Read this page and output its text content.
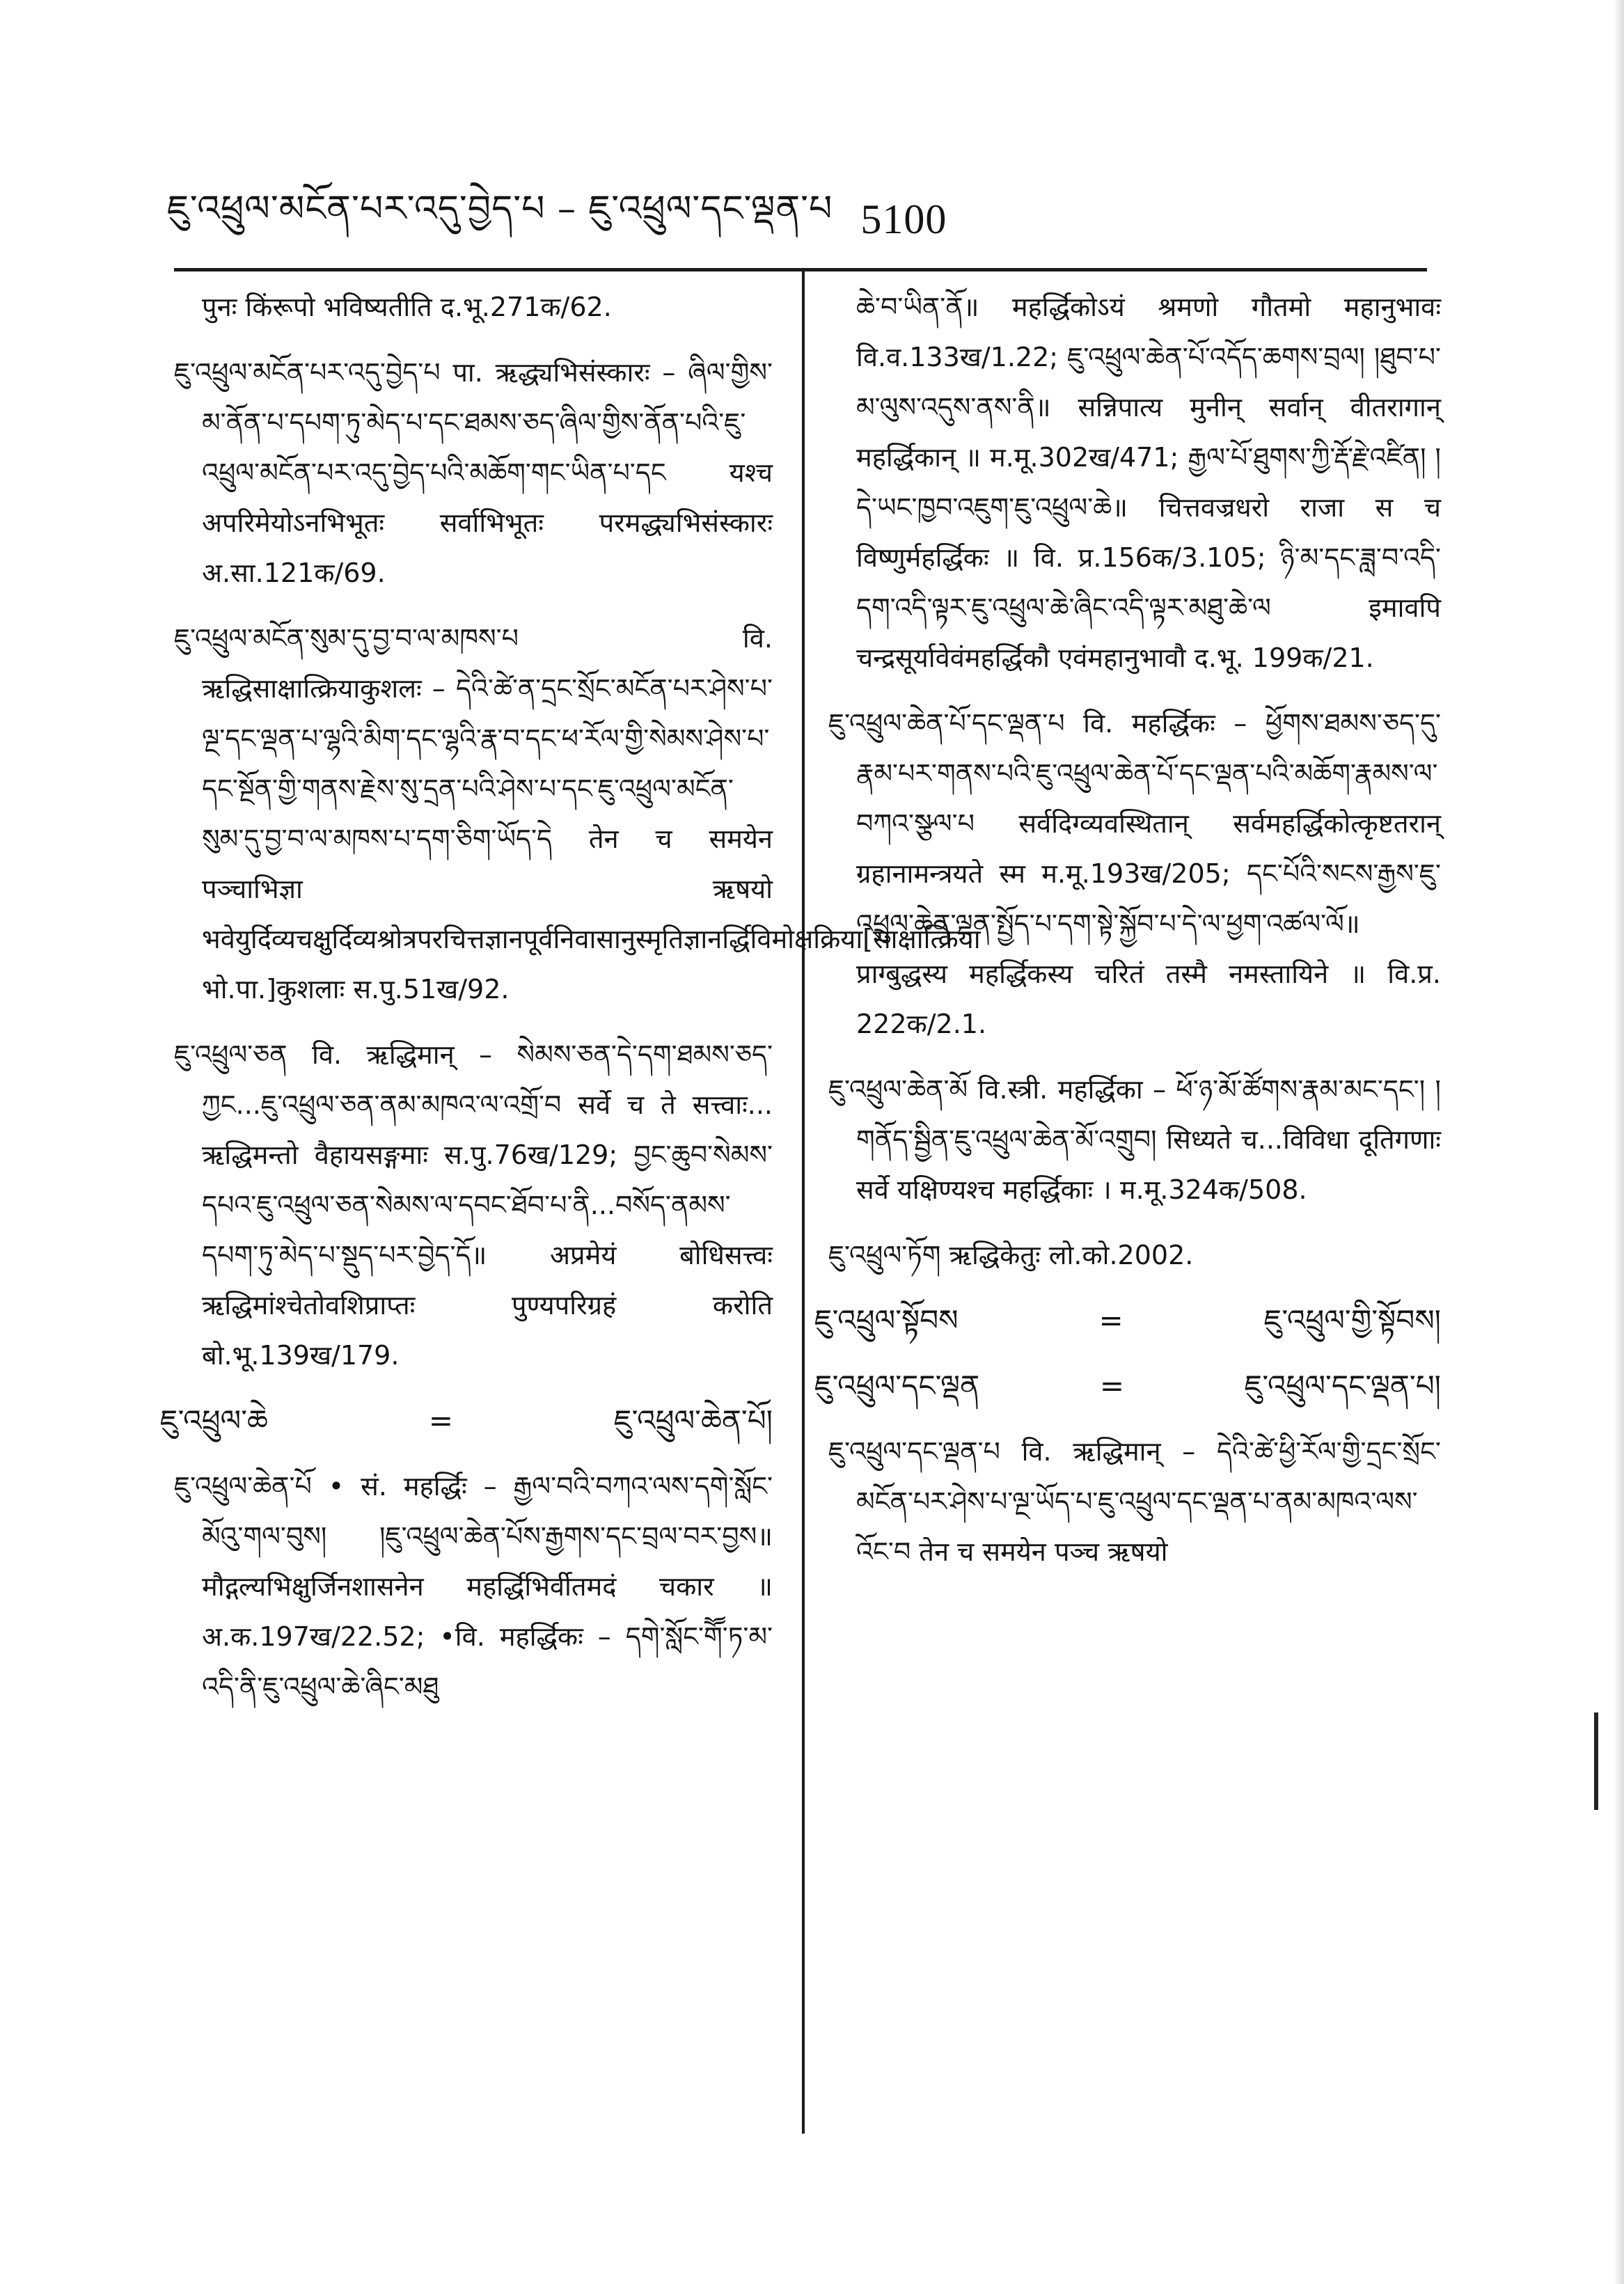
ཇུ་འཕྲུལ་མངོན་པར་འདུ་བྱེད་པ – ཇུ་འཕྲུལ་དང་ལྡན་པ 5100

पुनः किंरूपो भविष्यतीति द.भू.271क/62.

ཇུ་འཕྲུལ་མངོན་པར་འདུ་བྱེད་པ पा. ऋद्ध्यभिसंस्कारः – ཞིལ་གྱིས་མ་ནོན་པ་དཔག་ཏུ་མེད་པ་དང་ཐམས་ཅད་ཞིལ་གྱིས་ནོན་པའི་ཇུ་འཕྲུལ་མངོན་པར་འདུ་བྱེད་པའི་མཆོག་གང་ཡིན་པ་དང यश्च अपरिमेयोऽनभिभूतः सर्वाभिभूतः परमद्ध्यभिसंस्कारः अ.सा.121क/69.

ཇུ་འཕྲུལ་མངོན་སུམ་དུ་བྱ་བ་ལ་མཁས་པ वि. ऋद्धिसाक्षात्क्रियाकुशलः – དེའི་ཚེ་ན་དྲང་སྲོང་མངོན་པར་ཤེས་པ་ལྔ་དང་ལྡན་པ་ལྷའི་མིག་དང་ལྷའི་རྣ་བ་དང་ཕ་རོལ་གྱི་སེམས་ཤེས་པ་དང་སྔོན་གྱི་གནས་རྗེས་སུ་དྲན་པའི་ཤེས་པ་དང་ཇུ་འཕྲུལ་མངོན་སུམ་དུ་བྱ་བ་ལ་མཁས་པ་དག་ཅིག་ཡོད་དེ तेन च समयेन पञ्चाभिज्ञा ऋषयो भवेयुर्दिव्यचक्षुर्दिव्यश्रोत्रपरचित्तज्ञानपूर्वनिवासानुस्मृतिज्ञानर्द्धिविमोक्षक्रिया[साक्षात्क्रिया भो.पा.]कुशलाः स.पु.51ख/92.

ཇུ་འཕྲུལ་ཅན वि. ऋद्धिमान् – སེམས་ཅན་དེ་དག་ཐམས་ཅད་ཀྱང...ཇུ་འཕྲུལ་ཅན་ནམ་མཁའ་ལ་འགྲོ་བ सर्वे च ते सत्त्वाः... ऋद्धिमन्तो वैहायसङ्गमाः स.पु.76ख/129; བྱང་ཆུབ་སེམས་དཔའ་ཇུ་འཕྲུལ་ཅན་སེམས་ལ་དབང་ཐོབ་པ་ནི...བསོད་ནམས་དཔག་ཏུ་མེད་པ་སྡུད་པར་བྱེད་དོ॥ अप्रमेयं बोधिसत्त्वः ऋद्धिमांश्चेतोवशिप्राप्तः पुण्यपरिग्रहं करोति बो.भू.139ख/179.

ཇུ་འཕྲུལ་ཆེ	=	ཇུ་འཕྲུལ་ཆེན་པོ།

ཇུ་འཕྲུལ་ཆེན་པོ • सं. महर्द्धिः – རྒྱལ་བའི་བཀའ་ལས་དགེ་སློང་མོའུ་གལ་བུས། །ཇུ་འཕྲུལ་ཆེན་པོས་རྒྱགས་དང་བྲལ་བར་བྱས॥ मौद्गल्यभिक्षुर्जिनशासनेन महर्द्धिभिर्वीतमदं चकार ॥ अ.क.197ख/22.52; •वि. महर्द्धिकः – དགེ་སློང་གཽ་ཏ་མ་འདི་ནི་ཇུ་འཕྲུལ་ཆེ་ཞིང་མཐུ

ཆེ་བ་ཡིན་ནོ॥ महर्द्धिकोऽयं श्रमणो गौतमो महानुभावः वि.व.133ख/1.22; ཇུ་འཕྲུལ་ཆེན་པོ་འདོད་ཆགས་བྲལ། །ཐུབ་པ་མ་ལུས་འདུས་ནས་ནི॥ सन्निपात्य मुनीन् सर्वान् वीतरागान् महर्द्धिकान् ॥ म.मू.302ख/471; རྒྱལ་པོ་ཐུགས་ཀྱི་རྡོ་རྗེ་འཛིན། །དེ་ཡང་ཁྱབ་འཇུག་ཇུ་འཕྲུལ་ཆེ॥ चित्तवज्रधरो राजा स च विष्णुर्महर्द्धिकः ॥ वि. प्र.156क/3.105; ཉི་མ་དང་ཟླ་བ་འདི་དག་འདི་ལྟར་ཇུ་འཕྲུལ་ཆེ་ཞིང་འདི་ལྟར་མཐུ་ཆེ་ལ इमावपि चन्द्रसूर्यावेवंमहर्द्धिकौ एवंमहानुभावौ द.भू. 199क/21.

ཇུ་འཕྲུལ་ཆེན་པོ་དང་ལྡན་པ वि. महर्द्धिकः – ཕྱོགས་ཐམས་ཅད་དུ་རྣམ་པར་གནས་པའི་ཇུ་འཕྲུལ་ཆེན་པོ་དང་ལྡན་པའི་མཆོག་རྣམས་ལ་བཀའ་སྩལ་པ सर्वदिग्व्यवस्थितान् सर्वमहर्द्धिकोत्कृष्टतरान् ग्रहानामन्त्रयते स्म म.मू.193ख/205; དང་པོའི་སངས་རྒྱས་ཇུ་འཕྲུལ་ཆེན་ལྡན་སྤྱོད་པ་དག་སྟེ་སྐྱོབ་པ་དེ་ལ་ཕྱག་འཚལ་ལོ॥ प्राग्बुद्धस्य महर्द्धिकस्य चरितं तस्मै नमस्तायिने ॥ वि.प्र. 222क/2.1.

ཇུ་འཕྲུལ་ཆེན་མོ वि.स्त्री. महर्द्धिका – ཕོ་ཉ་མོ་ཚོགས་རྣམ་མང་དང་། །གནོད་སྦྱིན་ཇུ་འཕྲུལ་ཆེན་མོ་འགྲུབ། सिध्यते च...विविधा दूतिगणाः सर्वे यक्षिण्यश्च महर्द्धिकाः । म.मू.324क/508.

ཇུ་འཕྲུལ་ཏོག ऋद्धिकेतुः लो.को.2002.

ཇུ་འཕྲུལ་སྟོབས	=	ཇུ་འཕྲུལ་གྱི་སྟོབས།
ཇུ་འཕྲུལ་དང་ལྡན	=	ཇུ་འཕྲུལ་དང་ལྡན་པ།

ཇུ་འཕྲུལ་དང་ལྡན་པ वि. ऋद्धिमान् – དེའི་ཚེ་ཕྱི་རོལ་གྱི་དྲང་སྲོང་མངོན་པར་ཤེས་པ་ལྔ་ཡོད་པ་ཇུ་འཕྲུལ་དང་ལྡན་པ་ནམ་མཁའ་ལས་འོང་བ तेन च समयेन पञ्च ऋषयो
